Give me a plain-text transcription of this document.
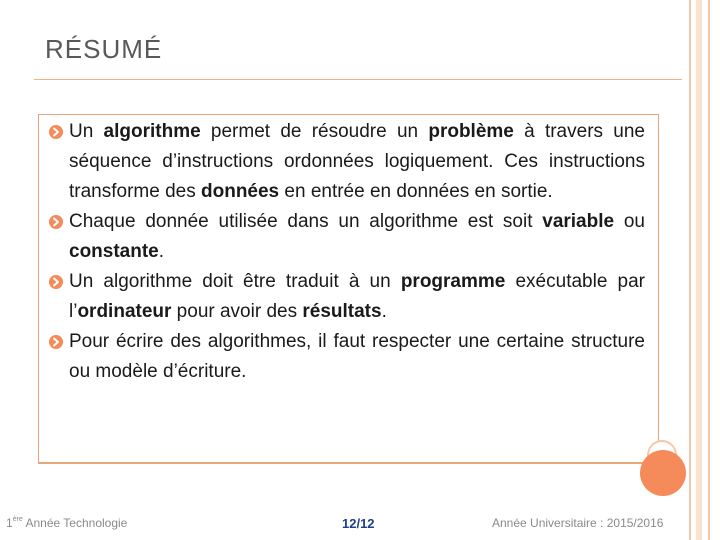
RÉSUMÉ
Un algorithme permet de résoudre un problème à travers une séquence d’instructions ordonnées logiquement. Ces instructions transforme des données en entrée en données en sortie.
Chaque donnée utilisée dans un algorithme est soit variable ou constante.
Un algorithme doit être traduit à un programme exécutable par l’ordinateur pour avoir des résultats.
Pour écrire des algorithmes, il faut respecter une certaine structure ou modèle d’écriture.
1ère Année Technologie	12/12	Année Universitaire : 2015/2016
